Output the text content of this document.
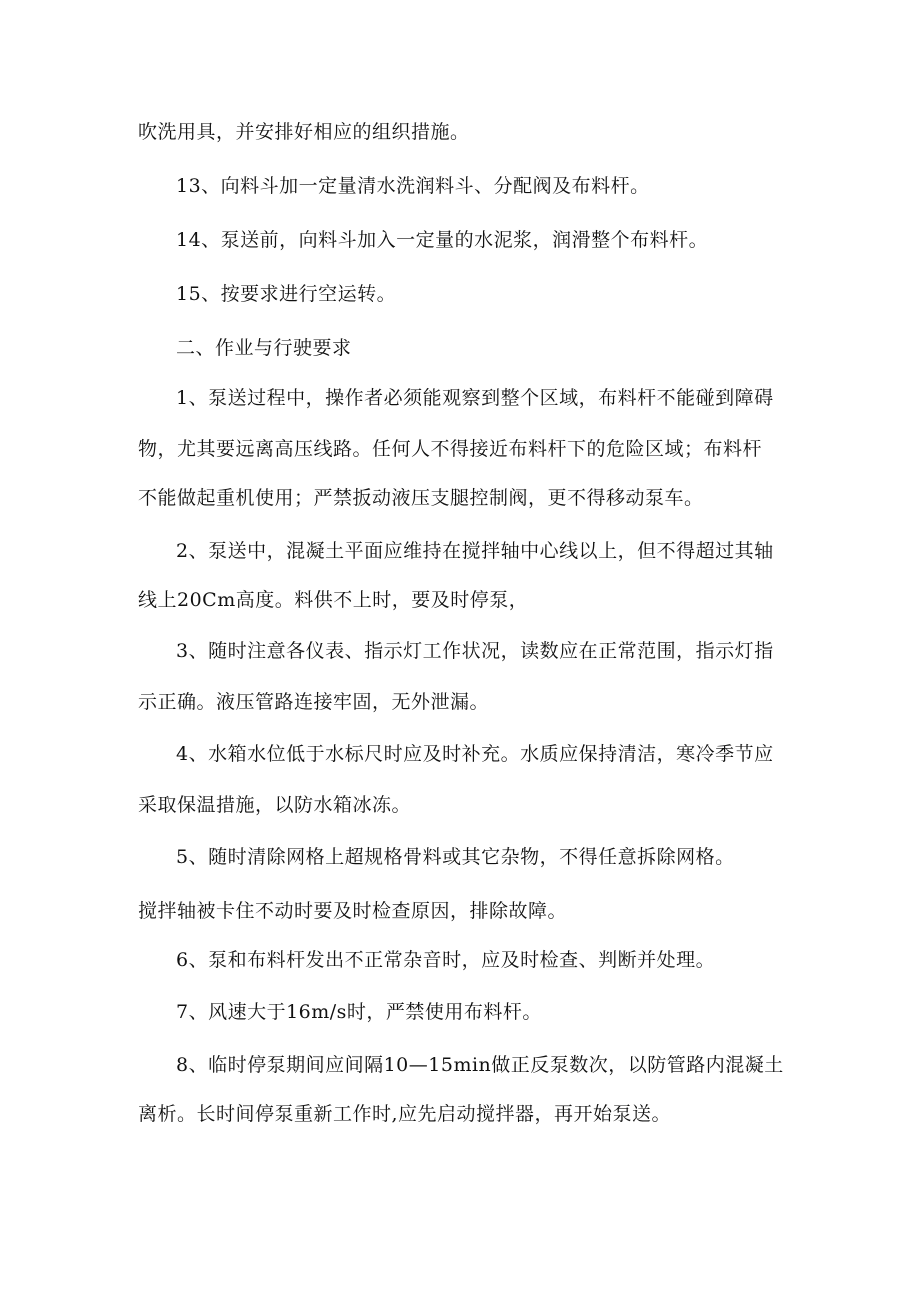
吹洗用具，并安排好相应的组织措施。
13、向料斗加一定量清水洗润料斗、分配阀及布料杆。
14、泵送前，向料斗加入一定量的水泥浆，润滑整个布料杆。
15、按要求进行空运转。
二、作业与行驶要求
1、泵送过程中，操作者必须能观察到整个区域，布料杆不能碰到障碍
物，尤其要远离高压线路。任何人不得接近布料杆下的危险区域；布料杆
不能做起重机使用；严禁扳动液压支腿控制阀，更不得移动泵车。
2、泵送中，混凝土平面应维持在搅拌轴中心线以上，但不得超过其轴
线上20Cm高度。料供不上时，要及时停泵，
3、随时注意各仪表、指示灯工作状况，读数应在正常范围，指示灯指
示正确。液压管路连接牢固，无外泄漏。
4、水箱水位低于水标尺时应及时补充。水质应保持清洁，寒冷季节应
采取保温措施，以防水箱冰冻。
5、随时清除网格上超规格骨料或其它杂物，不得任意拆除网格。
搅拌轴被卡住不动时要及时检查原因，排除故障。
6、泵和布料杆发出不正常杂音时，应及时检查、判断并处理。
7、风速大于16m∕s时，严禁使用布料杆。
8、临时停泵期间应间隔10—15min做正反泵数次，以防管路内混凝土
离析。长时间停泵重新工作时,应先启动搅拌器，再开始泵送。
